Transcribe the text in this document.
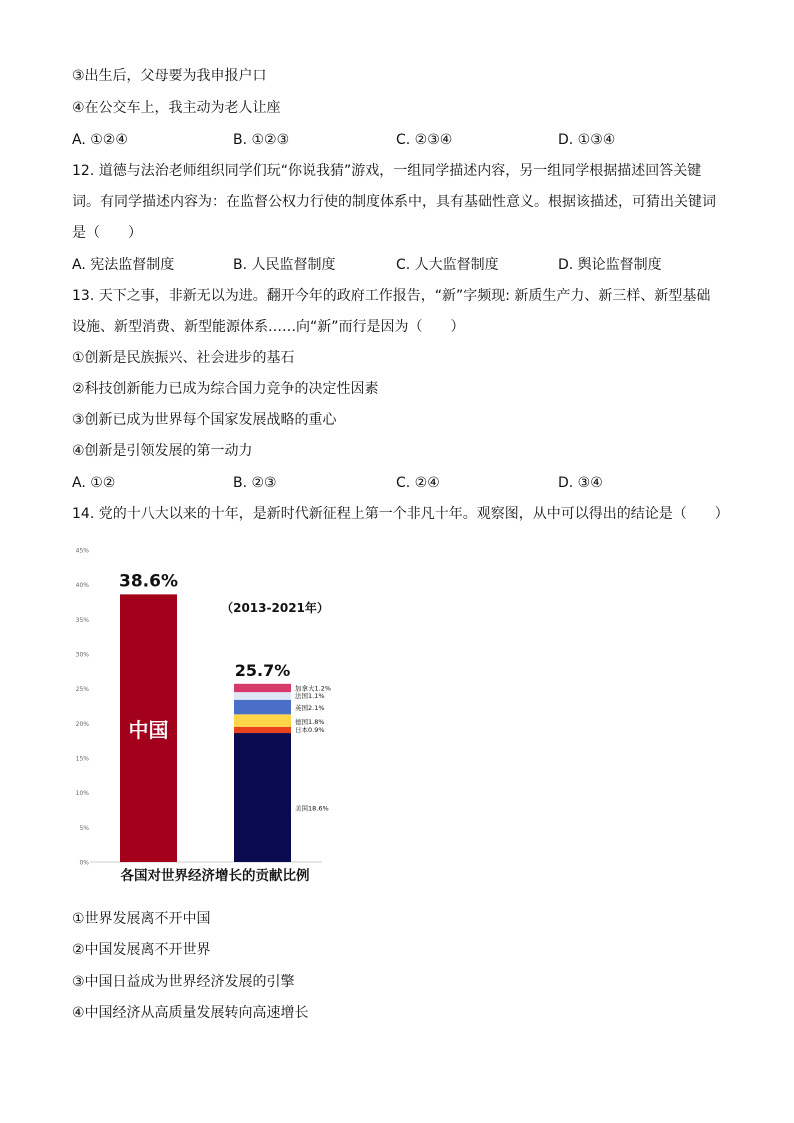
③出生后，父母要为我申报户口
④在公交车上，我主动为老人让座
A. ①②④	B. ①②③	C. ②③④	D. ①③④
12. 道德与法治老师组织同学们玩“你说我猜”游戏，一组同学描述内容，另一组同学根据描述回答关键
词。有同学描述内容为：在监督公权力行使的制度体系中，具有基础性意义。根据该描述，可猜出关键词
是（　　）
A. 宪法监督制度	B. 人民监督制度	C. 人大监督制度	D. 舆论监督制度
13. 天下之事，非新无以为进。翻开今年的政府工作报告，“新”字频现: 新质生产力、新三样、新型基础
设施、新型消费、新型能源体系……向“新”而行是因为（　　）
①创新是民族振兴、社会进步的基石
②科技创新能力已成为综合国力竞争的决定性因素
③创新已成为世界每个国家发展战略的重心
④创新是引领发展的第一动力
A. ①②	B. ②③	C. ②④	D. ③④
14. 党的十八大以来的十年，是新时代新征程上第一个非凡十年。观察图，从中可以得出的结论是（　　）
0%
5%
10%
15%
20%
25%
30%
35%
40%
45%
38.6%
中国
（2013-2021年）
25.7%
美国18.6%
日本0.9%
德国1.8%
英国2.1%
法国1.1%
加拿大1.2%
各国对世界经济增长的贡献比例
①世界发展离不开中国
②中国发展离不开世界
③中国日益成为世界经济发展的引擎
④中国经济从高质量发展转向高速增长
